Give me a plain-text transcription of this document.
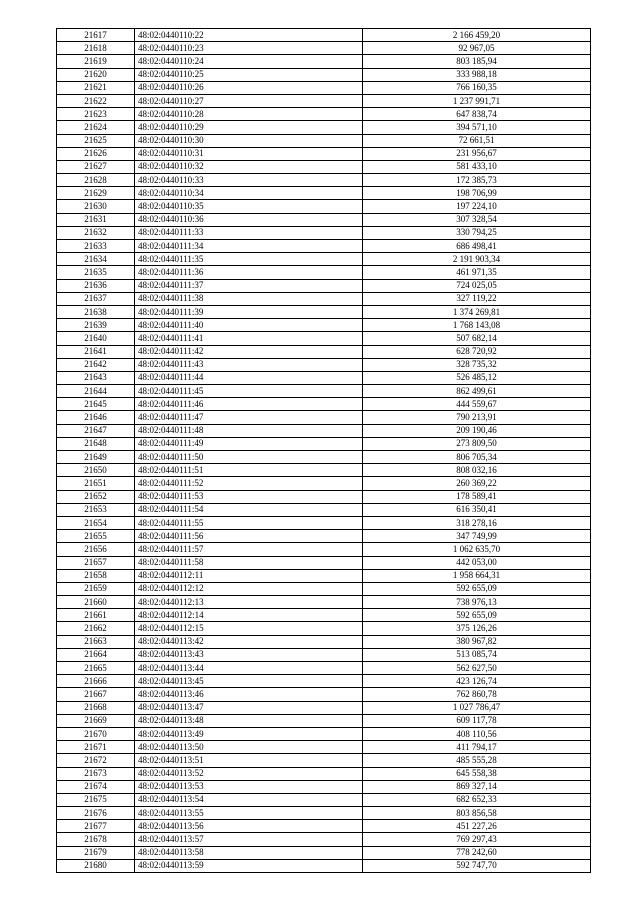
21617	48:02:0440110:22	2 166 459,20
21618	48:02:0440110:23	92 967,05
21619	48:02:0440110:24	803 185,94
21620	48:02:0440110:25	333 988,18
21621	48:02:0440110:26	766 160,35
21622	48:02:0440110:27	1 237 991,71
21623	48:02:0440110:28	647 838,74
21624	48:02:0440110:29	394 571,10
21625	48:02:0440110:30	72 661,51
21626	48:02:0440110:31	231 956,67
21627	48:02:0440110:32	581 433,10
21628	48:02:0440110:33	172 385,73
21629	48:02:0440110:34	198 706,99
21630	48:02:0440110:35	197 224,10
21631	48:02:0440110:36	307 328,54
21632	48:02:0440111:33	330 794,25
21633	48:02:0440111:34	686 498,41
21634	48:02:0440111:35	2 191 903,34
21635	48:02:0440111:36	461 971,35
21636	48:02:0440111:37	724 025,05
21637	48:02:0440111:38	327 119,22
21638	48:02:0440111:39	1 374 269,81
21639	48:02:0440111:40	1 768 143,08
21640	48:02:0440111:41	507 682,14
21641	48:02:0440111:42	628 720,92
21642	48:02:0440111:43	328 735,32
21643	48:02:0440111:44	526 485,12
21644	48:02:0440111:45	862 499,61
21645	48:02:0440111:46	444 559,67
21646	48:02:0440111:47	790 213,91
21647	48:02:0440111:48	209 190,46
21648	48:02:0440111:49	273 809,50
21649	48:02:0440111:50	806 705,34
21650	48:02:0440111:51	808 032,16
21651	48:02:0440111:52	260 369,22
21652	48:02:0440111:53	178 589,41
21653	48:02:0440111:54	616 350,41
21654	48:02:0440111:55	318 278,16
21655	48:02:0440111:56	347 749,99
21656	48:02:0440111:57	1 062 635,70
21657	48:02:0440111:58	442 053,00
21658	48:02:0440112:11	1 958 664,31
21659	48:02:0440112:12	592 655,09
21660	48:02:0440112:13	738 976,13
21661	48:02:0440112:14	592 655,09
21662	48:02:0440112:15	375 126,26
21663	48:02:0440113:42	380 967,82
21664	48:02:0440113:43	513 085,74
21665	48:02:0440113:44	562 627,50
21666	48:02:0440113:45	423 126,74
21667	48:02:0440113:46	762 860,78
21668	48:02:0440113:47	1 027 786,47
21669	48:02:0440113:48	609 117,78
21670	48:02:0440113:49	408 110,56
21671	48:02:0440113:50	411 794,17
21672	48:02:0440113:51	485 555,28
21673	48:02:0440113:52	645 558,38
21674	48:02:0440113:53	869 327,14
21675	48:02:0440113:54	682 652,33
21676	48:02:0440113:55	803 856,58
21677	48:02:0440113:56	451 227,26
21678	48:02:0440113:57	769 297,43
21679	48:02:0440113:58	778 242,60
21680	48:02:0440113:59	592 747,70
